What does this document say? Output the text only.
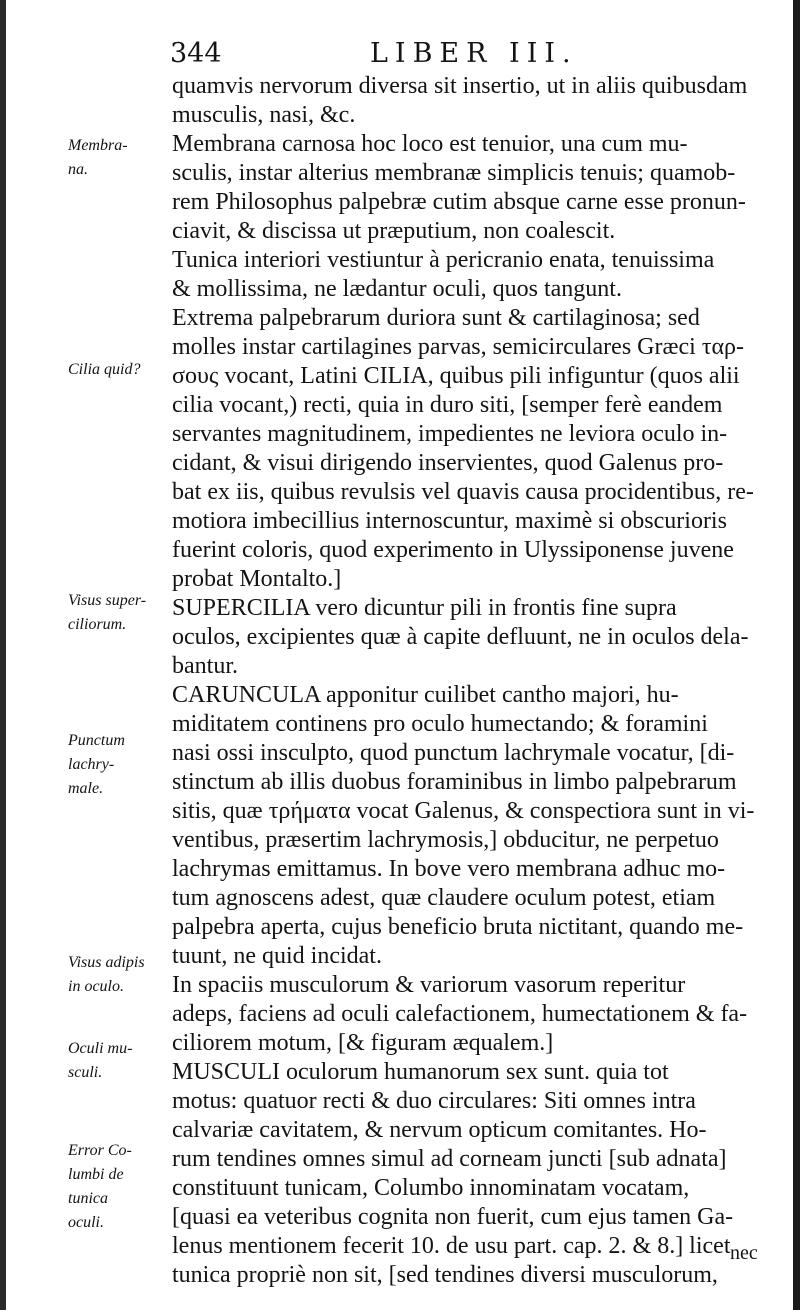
344	LIBER III.
quamvis nervorum diversa sit insertio, ut in aliis quibusdam
musculis, nasi, &c.
Membrana carnosa hoc loco est tenuior, una cum mu-
sculis, instar alterius membranæ simplicis tenuis; quamob-
rem Philosophus palpebræ cutim absque carne esse pronun-
ciavit, & discissa ut præputium, non coalescit.
Tunica interiori vestiuntur à pericranio enata, tenuissima
& mollissima, ne lædantur oculi, quos tangunt.
Extrema palpebrarum duriora sunt & cartilaginosa; sed
molles instar cartilagines parvas, semicirculares Græci ταρ-
σους vocant, Latini CILIA, quibus pili infiguntur (quos alii
cilia vocant,) recti, quia in duro siti, [semper ferè eandem
servantes magnitudinem, impedientes ne leviora oculo in-
cidant, & visui dirigendo inservientes, quod Galenus pro-
bat ex iis, quibus revulsis vel quavis causa procidentibus, re-
motiora imbecillius internoscuntur, maximè si obscurioris
fuerint coloris, quod experimento in Ulyssiponense juvene
probat Montalto.]
SUPERCILIA vero dicuntur pili in frontis fine supra
oculos, excipientes quæ à capite defluunt, ne in oculos dela-
bantur.
CARUNCULA apponitur cuilibet cantho majori, hu-
miditatem continens pro oculo humectando; & foramini
nasi ossi insculpto, quod punctum lachrymale vocatur, [di-
stinctum ab illis duobus foraminibus in limbo palpebrarum
sitis, quæ τρήματα vocat Galenus, & conspectiora sunt in vi-
ventibus, præsertim lachrymosis,] obducitur, ne perpetuo
lachrymas emittamus. In bove vero membrana adhuc mo-
tum agnoscens adest, quæ claudere oculum potest, etiam
palpebra aperta, cujus beneficio bruta nictitant, quando me-
tuunt, ne quid incidat.
In spaciis musculorum & variorum vasorum reperitur
adeps, faciens ad oculi calefactionem, humectationem & fa-
ciliorem motum, [& figuram æqualem.]
MUSCULI oculorum humanorum sex sunt. quia tot
motus: quatuor recti & duo circulares: Siti omnes intra
calvariæ cavitatem, & nervum opticum comitantes. Ho-
rum tendines omnes simul ad corneam juncti [sub adnata]
constituunt tunicam, Columbo innominatam vocatam,
[quasi ea veteribus cognita non fuerit, cum ejus tamen Ga-
lenus mentionem fecerit 10. de usu part. cap. 2. & 8.] licet
tunica propriè non sit, [sed tendines diversi musculorum,
Membra-
na.
Cilia quid?
Visus super-
ciliorum.
Punctum
lachry-
male.
Visus adipis
in oculo.
Oculi mu-
sculi.
Error Co-
lumbi de
tunica
oculi.
nec
